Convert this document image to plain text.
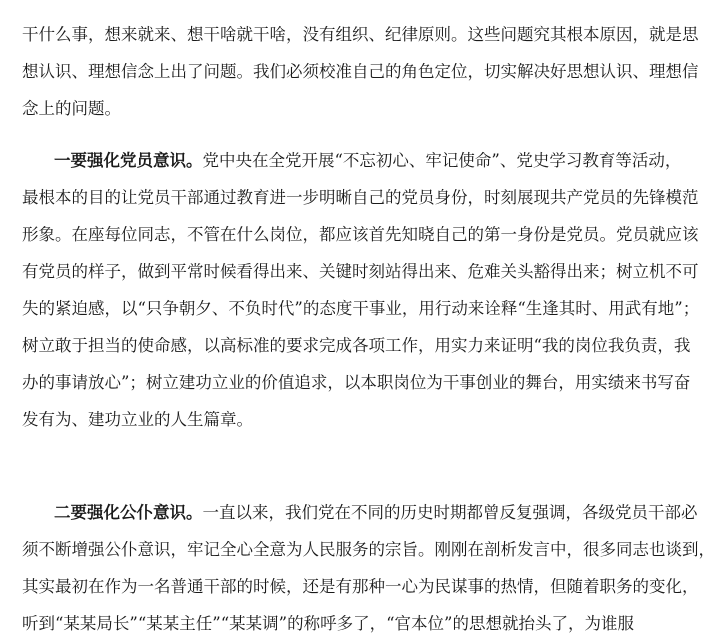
干什么事，想来就来、想干啥就干啥，没有组织、纪律原则。这些问题究其根本原因，就是思
想认识、理想信念上出了问题。我们必须校准自己的角色定位，切实解决好思想认识、理想信
念上的问题。
一要强化党员意识。党中央在全党开展“不忘初心、牢记使命”、党史学习教育等活动，
最根本的目的让党员干部通过教育进一步明晰自己的党员身份，时刻展现共产党员的先锋模范
形象。在座每位同志，不管在什么岗位，都应该首先知晓自己的第一身份是党员。党员就应该
有党员的样子，做到平常时候看得出来、关键时刻站得出来、危难关头豁得出来；树立机不可
失的紧迫感，以“只争朝夕、不负时代”的态度干事业，用行动来诠释“生逢其时、用武有地”；
树立敢于担当的使命感，以高标准的要求完成各项工作，用实力来证明“我的岗位我负责，我
办的事请放心”；树立建功立业的价值追求，以本职岗位为干事创业的舞台，用实绩来书写奋
发有为、建功立业的人生篇章。
二要强化公仆意识。一直以来，我们党在不同的历史时期都曾反复强调，各级党员干部必
须不断增强公仆意识，牢记全心全意为人民服务的宗旨。刚刚在剖析发言中，很多同志也谈到，
其实最初在作为一名普通干部的时候，还是有那种一心为民谋事的热情，但随着职务的变化，
听到“某某局长”“某某主任”“某某调”的称呼多了，“官本位”的思想就抬头了，为谁服
